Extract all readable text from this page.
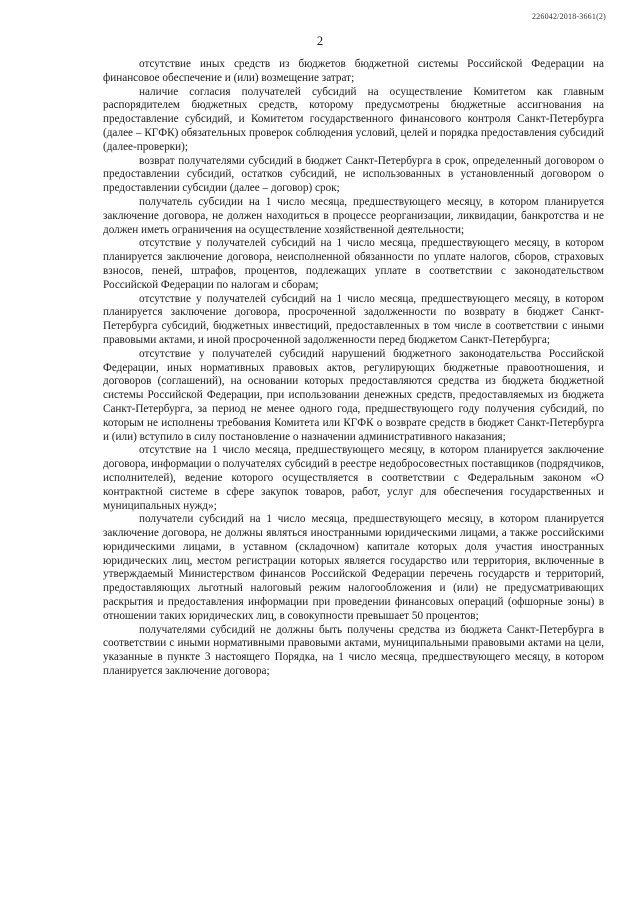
226042/2018-3661(2)
2

отсутствие иных средств из бюджетов бюджетной системы Российской Федерации на финансовое обеспечение и (или) возмещение затрат;

наличие согласия получателей субсидий на осуществление Комитетом как главным распорядителем бюджетных средств, которому предусмотрены бюджетные ассигнования на предоставление субсидий, и Комитетом государственного финансового контроля Санкт-Петербурга (далее – КГФК) обязательных проверок соблюдения условий, целей и порядка предоставления субсидий (далее-проверки);

возврат получателями субсидий в бюджет Санкт-Петербурга в срок, определенный договором о предоставлении субсидий, остатков субсидий, не использованных в установленный договором о предоставлении субсидии (далее – договор) срок;

получатель субсидии на 1 число месяца, предшествующего месяцу, в котором планируется заключение договора, не должен находиться в процессе реорганизации, ликвидации, банкротства и не должен иметь ограничения на осуществление хозяйственной деятельности;

отсутствие у получателей субсидий на 1 число месяца, предшествующего месяцу, в котором планируется заключение договора, неисполненной обязанности по уплате налогов, сборов, страховых взносов, пеней, штрафов, процентов, подлежащих уплате в соответствии с законодательством Российской Федерации по налогам и сборам;

отсутствие у получателей субсидий на 1 число месяца, предшествующего месяцу, в котором планируется заключение договора, просроченной задолженности по возврату в бюджет Санкт-Петербурга субсидий, бюджетных инвестиций, предоставленных в том числе в соответствии с иными правовыми актами, и иной просроченной задолженности перед бюджетом Санкт-Петербурга;

отсутствие у получателей субсидий нарушений бюджетного законодательства Российской Федерации, иных нормативных правовых актов, регулирующих бюджетные правоотношения, и договоров (соглашений), на основании которых предоставляются средства из бюджета бюджетной системы Российской Федерации, при использовании денежных средств, предоставляемых из бюджета Санкт-Петербурга, за период не менее одного года, предшествующего году получения субсидий, по которым не исполнены требования Комитета или КГФК о возврате средств в бюджет Санкт-Петербурга и (или) вступило в силу постановление о назначении административного наказания;

отсутствие на 1 число месяца, предшествующего месяцу, в котором планируется заключение договора, информации о получателях субсидий в реестре недобросовестных поставщиков (подрядчиков, исполнителей), ведение которого осуществляется в соответствии с Федеральным законом «О контрактной системе в сфере закупок товаров, работ, услуг для обеспечения государственных и муниципальных нужд»;

получатели субсидий на 1 число месяца, предшествующего месяцу, в котором планируется заключение договора, не должны являться иностранными юридическими лицами, а также российскими юридическими лицами, в уставном (складочном) капитале которых доля участия иностранных юридических лиц, местом регистрации которых является государство или территория, включенные в утверждаемый Министерством финансов Российской Федерации перечень государств и территорий, предоставляющих льготный налоговый режим налогообложения и (или) не предусматривающих раскрытия и предоставления информации при проведении финансовых операций (офшорные зоны) в отношении таких юридических лиц, в совокупности превышает 50 процентов;

получателями субсидий не должны быть получены средства из бюджета Санкт-Петербурга в соответствии с иными нормативными правовыми актами, муниципальными правовыми актами на цели, указанные в пункте 3 настоящего Порядка, на 1 число месяца, предшествующего месяцу, в котором планируется заключение договора;
